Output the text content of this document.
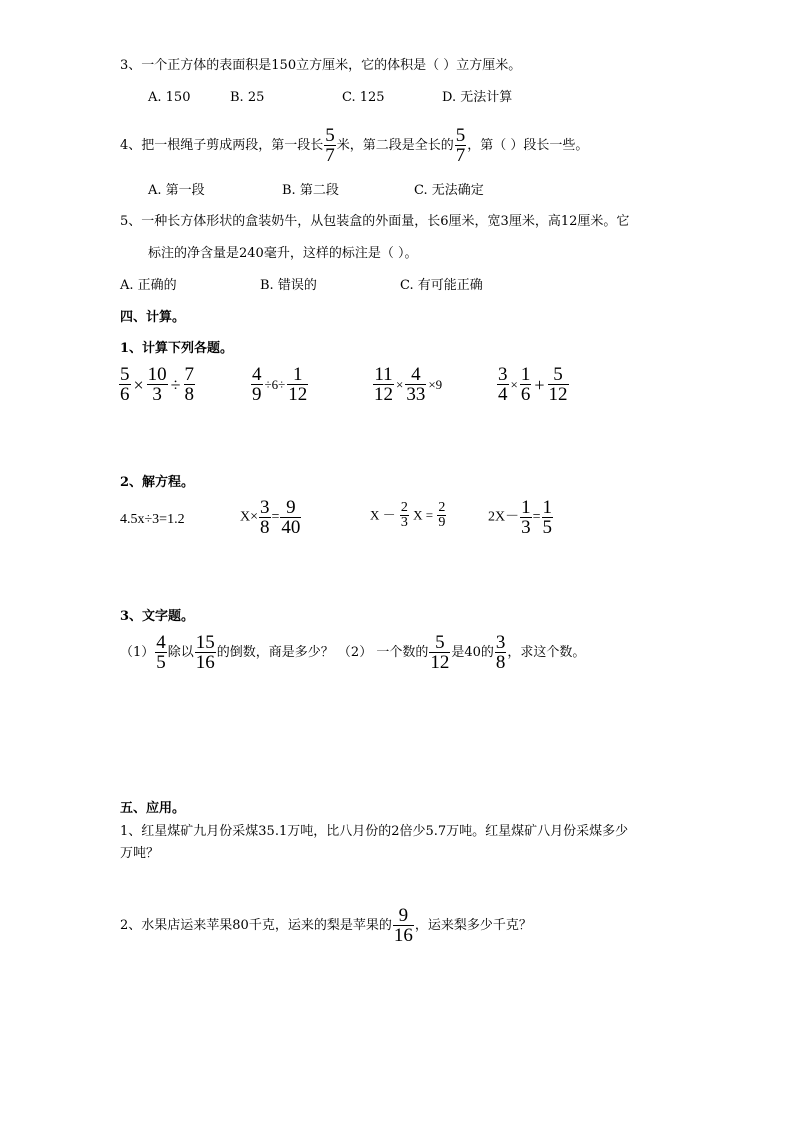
3、一个正方体的表面积是150立方厘米，它的体积是（ ）立方厘米。
A. 150	B. 25	C. 125	D. 无法计算
4、把一根绳子剪成两段，第一段长 $\frac{5}{7}$ 米，第二段是全长的 $\frac{5}{7}$ ，第（ ）段长一些。
A. 第一段	B. 第二段	C. 无法确定
5、一种长方体形状的盒装奶牛，从包装盒的外面量，长6厘米，宽3厘米，高12厘米。它
标注的净含量是240毫升，这样的标注是（ ）。
A. 正确的	B. 错误的	C. 有可能正确
四、计算。
1、计算下列各题。
$\frac{5}{6} \times \frac{10}{3} \div \frac{7}{8}$	$\frac{4}{9} \div 6\div \frac{1}{12}$	$\frac{11}{12} \times \frac{4}{33} \times 9$	$\frac{3}{4} \times \frac{1}{6} + \frac{5}{12}$
2、解方程。
4.5x÷3=1.2	$X\times \frac{3}{8} = \frac{9}{40}$	$X - \frac{2}{3}$ $X = \frac{2}{9}$	$2X- \frac{1}{3} = \frac{1}{5}$
3、文字题。
$(1) \frac{4}{5}$ 除以 $\frac{15}{16}$ 的倒数，商是多少？ （2） 一个数的 $\frac{5}{12}$ 是40的 $\frac{3}{8}$ ，求这个数。
五、应用。
1、红星煤矿九月份采煤35.1万吨，比八月份的2倍少5.7万吨。红星煤矿八月份采煤多少
万吨？
2、水果店运来苹果80千克，运来的梨是苹果的 $\frac{9}{16}$ ，运来梨多少千克？
